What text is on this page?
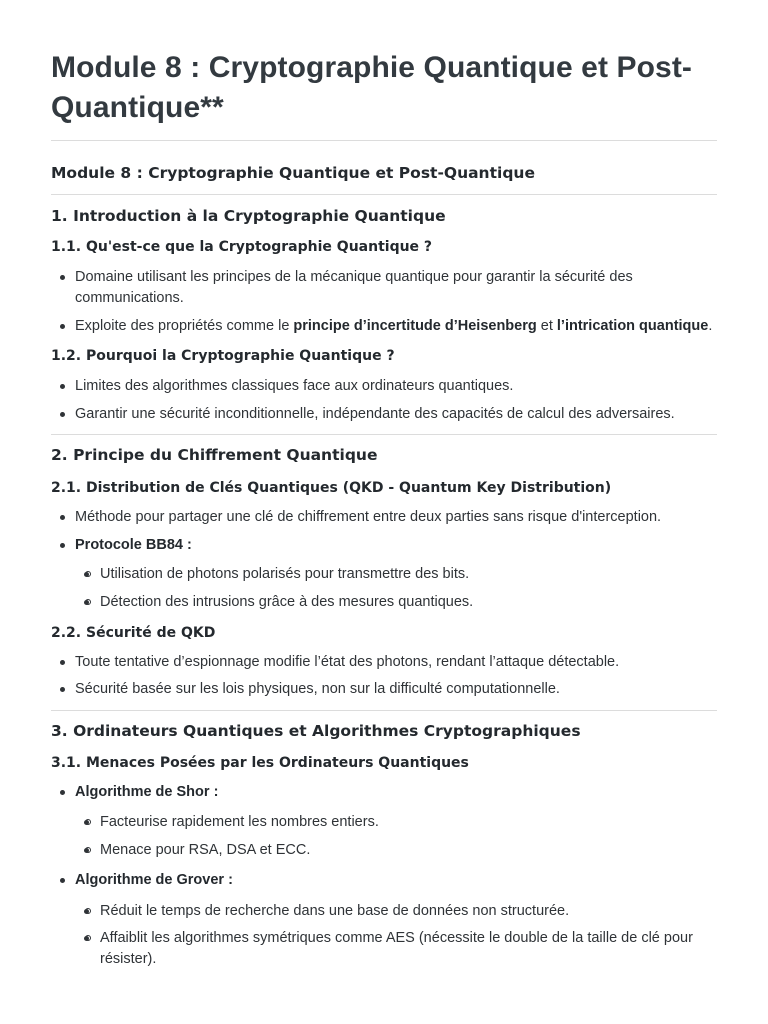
Module 8 : Cryptographie Quantique et Post-Quantique**
Module 8 : Cryptographie Quantique et Post-Quantique
1. Introduction à la Cryptographie Quantique
1.1. Qu'est-ce que la Cryptographie Quantique ?
Domaine utilisant les principes de la mécanique quantique pour garantir la sécurité des communications.
Exploite des propriétés comme le principe d’incertitude d’Heisenberg et l’intrication quantique.
1.2. Pourquoi la Cryptographie Quantique ?
Limites des algorithmes classiques face aux ordinateurs quantiques.
Garantir une sécurité inconditionnelle, indépendante des capacités de calcul des adversaires.
2. Principe du Chiffrement Quantique
2.1. Distribution de Clés Quantiques (QKD - Quantum Key Distribution)
Méthode pour partager une clé de chiffrement entre deux parties sans risque d'interception.
Protocole BB84 :
Utilisation de photons polarisés pour transmettre des bits.
Détection des intrusions grâce à des mesures quantiques.
2.2. Sécurité de QKD
Toute tentative d’espionnage modifie l’état des photons, rendant l’attaque détectable.
Sécurité basée sur les lois physiques, non sur la difficulté computationnelle.
3. Ordinateurs Quantiques et Algorithmes Cryptographiques
3.1. Menaces Posées par les Ordinateurs Quantiques
Algorithme de Shor :
Facteurise rapidement les nombres entiers.
Menace pour RSA, DSA et ECC.
Algorithme de Grover :
Réduit le temps de recherche dans une base de données non structurée.
Affaiblit les algorithmes symétriques comme AES (nécessite le double de la taille de clé pour résister).
